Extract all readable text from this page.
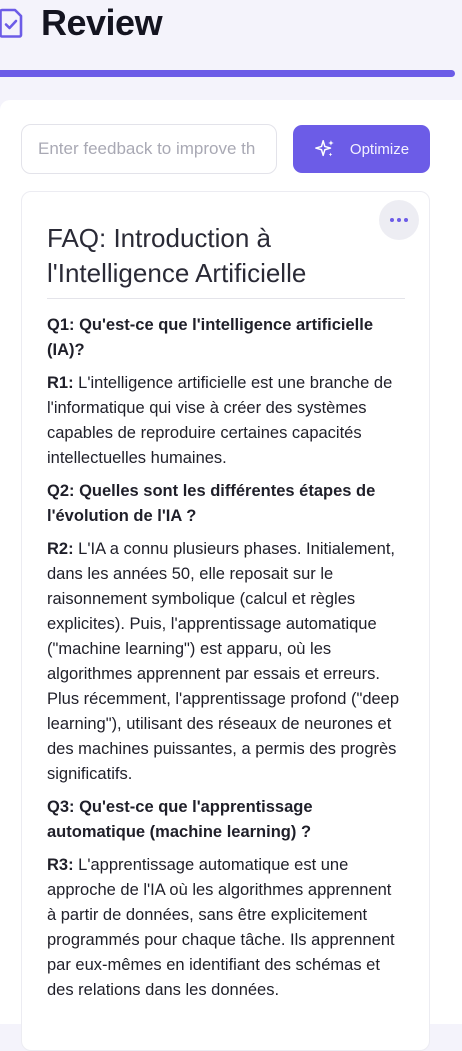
Review
Enter feedback to improve th
Optimize
FAQ: Introduction à l'Intelligence Artificielle

Q1: Qu'est-ce que l'intelligence artificielle (IA)?

R1: L'intelligence artificielle est une branche de l'informatique qui vise à créer des systèmes capables de reproduire certaines capacités intellectuelles humaines.

Q2: Quelles sont les différentes étapes de l'évolution de l'IA ?

R2: L'IA a connu plusieurs phases. Initialement, dans les années 50, elle reposait sur le raisonnement symbolique (calcul et règles explicites). Puis, l'apprentissage automatique ("machine learning") est apparu, où les algorithmes apprennent par essais et erreurs. Plus récemment, l'apprentissage profond ("deep learning"), utilisant des réseaux de neurones et des machines puissantes, a permis des progrès significatifs.

Q3: Qu'est-ce que l'apprentissage automatique (machine learning) ?

R3: L'apprentissage automatique est une approche de l'IA où les algorithmes apprennent à partir de données, sans être explicitement programmés pour chaque tâche. Ils apprennent par eux-mêmes en identifiant des schémas et des relations dans les données.
